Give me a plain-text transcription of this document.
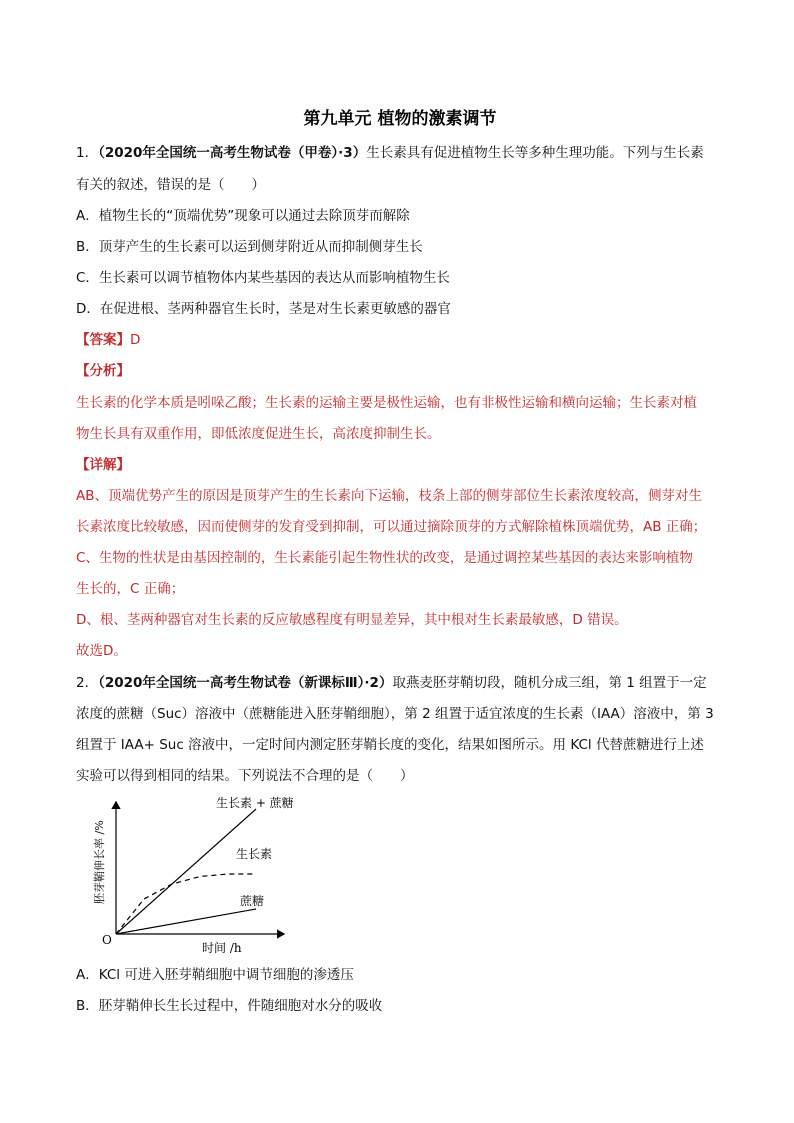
第九单元 植物的激素调节
1．（2020年全国统一高考生物试卷（甲卷）·3）生长素具有促进植物生长等多种生理功能。下列与生长素
有关的叙述，错误的是（　　）
A．植物生长的“顶端优势”现象可以通过去除顶芽而解除
B．顶芽产生的生长素可以运到侧芽附近从而抑制侧芽生长
C．生长素可以调节植物体内某些基因的表达从而影响植物生长
D．在促进根、茎两种器官生长时，茎是对生长素更敏感的器官
【答案】D
【分析】
生长素的化学本质是吲哚乙酸；生长素的运输主要是极性运输，也有非极性运输和横向运输；生长素对植
物生长具有双重作用，即低浓度促进生长，高浓度抑制生长。
【详解】
AB、顶端优势产生的原因是顶芽产生的生长素向下运输，枝条上部的侧芽部位生长素浓度较高，侧芽对生
长素浓度比较敏感，因而使侧芽的发育受到抑制，可以通过摘除顶芽的方式解除植株顶端优势，AB 正确；
C、生物的性状是由基因控制的，生长素能引起生物性状的改变，是通过调控某些基因的表达来影响植物
生长的，C 正确；
D、根、茎两种器官对生长素的反应敏感程度有明显差异，其中根对生长素最敏感，D 错误。
故选D。
2．（2020年全国统一高考生物试卷（新课标Ⅲ）·2）取燕麦胚芽鞘切段，随机分成三组，第 1 组置于一定
浓度的蔗糖（Suc）溶液中（蔗糖能进入胚芽鞘细胞），第 2 组置于适宜浓度的生长素（IAA）溶液中，第 3
组置于 IAA+ Suc 溶液中，一定时间内测定胚芽鞘长度的变化，结果如图所示。用 KCl 代替蔗糖进行上述
实验可以得到相同的结果。下列说法不合理的是（　　）
O
时间 /h
胚芽鞘伸长率 /%
生长素 + 蔗糖
生长素
蔗糖
A．KCl 可进入胚芽鞘细胞中调节细胞的渗透压
B．胚芽鞘伸长生长过程中，件随细胞对水分的吸收
